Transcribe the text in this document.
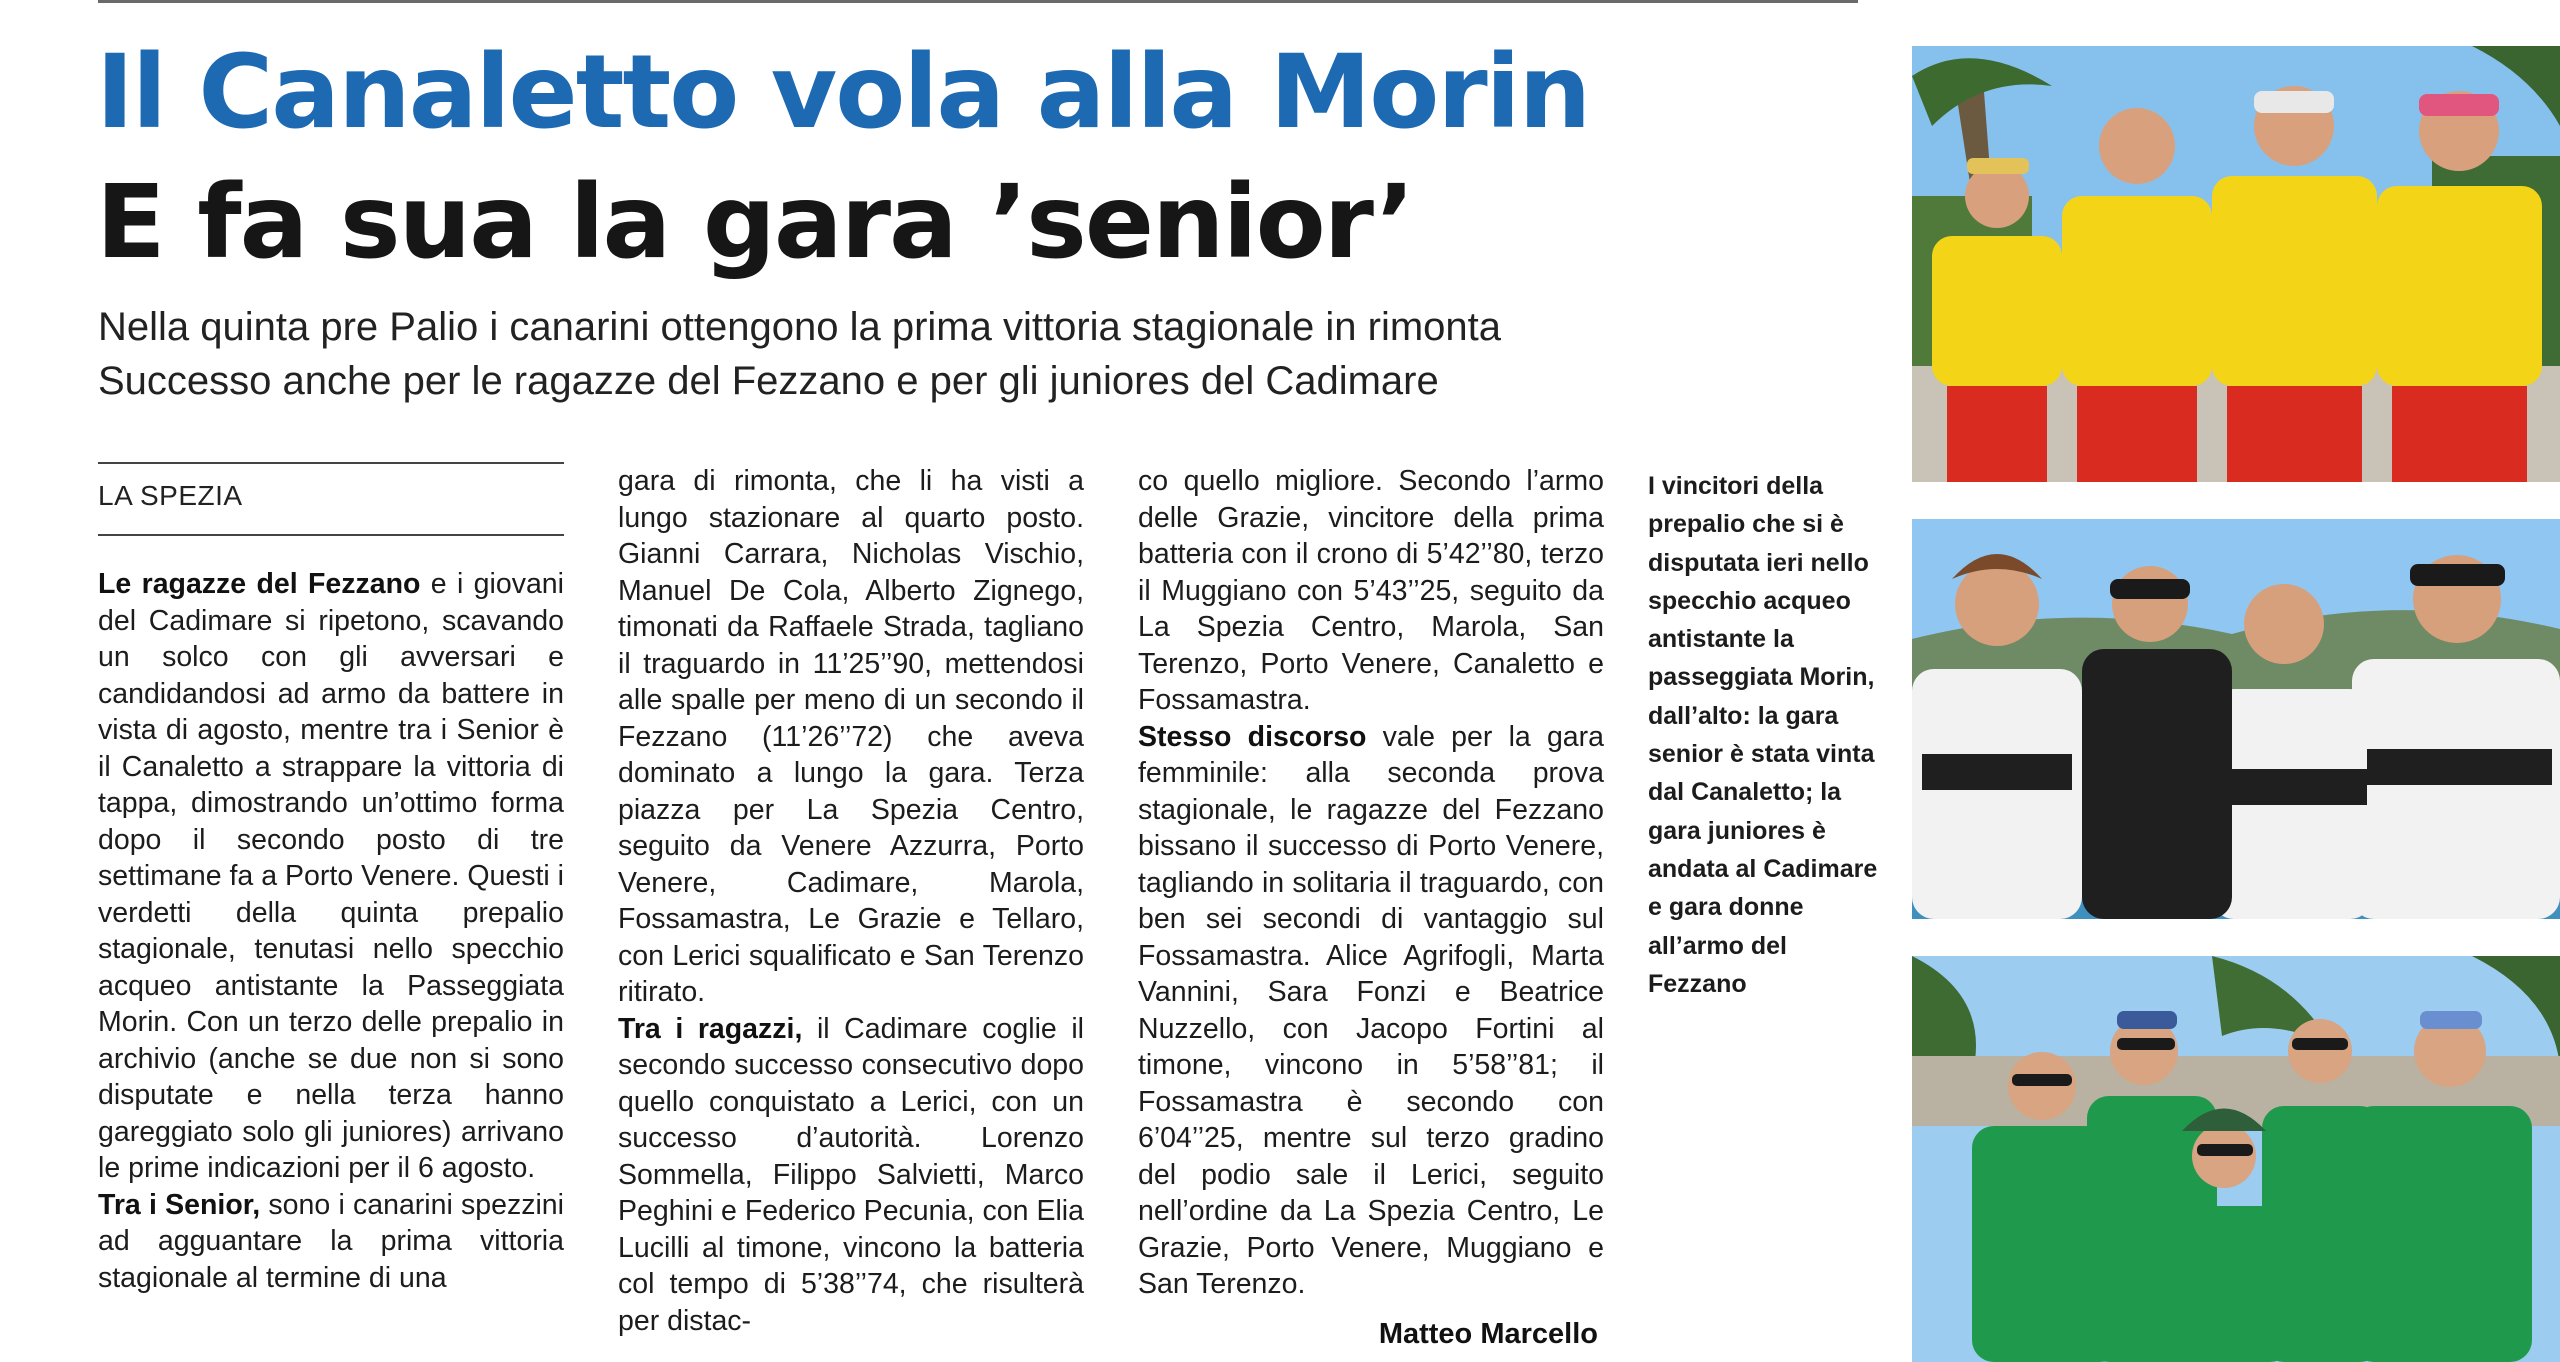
Il Canaletto vola alla Morin
E fa sua la gara ’senior’
Nella quinta pre Palio i canarini ottengono la prima vittoria stagionale in rimonta
Successo anche per le ragazze del Fezzano e per gli juniores del Cadimare
LA SPEZIA

Le ragazze del Fezzano e i giovani del Cadimare si ripetono, scavando un solco con gli avversari e candidandosi ad armo da battere in vista di agosto, mentre tra i Senior è il Canaletto a strappare la vittoria di tappa, dimostrando un’ottimo forma dopo il secondo posto di tre settimane fa a Porto Venere. Questi i verdetti della quinta prepalio stagionale, tenutasi nello specchio acqueo antistante la Passeggiata Morin. Con un terzo delle prepalio in archivio (anche se due non si sono disputate e nella terza hanno gareggiato solo gli juniores) arrivano le prime indicazioni per il 6 agosto.

Tra i Senior, sono i canarini spezzini ad agguantare la prima vittoria stagionale al termine di una

gara di rimonta, che li ha visti a lungo stazionare al quarto posto. Gianni Carrara, Nicholas Vischio, Manuel De Cola, Alberto Zignego, timonati da Raffaele Strada, tagliano il traguardo in 11’25’’90, mettendosi alle spalle per meno di un secondo il Fezzano (11’26’’72) che aveva dominato a lungo la gara. Terza piazza per La Spezia Centro, seguito da Venere Azzurra, Porto Venere, Cadimare, Marola, Fossamastra, Le Grazie e Tellaro, con Lerici squalificato e San Terenzo ritirato.

Tra i ragazzi, il Cadimare coglie il secondo successo consecutivo dopo quello conquistato a Lerici, con un successo d’autorità. Lorenzo Sommella, Filippo Salvietti, Marco Peghini e Federico Pecunia, con Elia Lucilli al timone, vincono la batteria col tempo di 5’38’’74, che risulterà per distac-

co quello migliore. Secondo l’armo delle Grazie, vincitore della prima batteria con il crono di 5’42’’80, terzo il Muggiano con 5’43’’25, seguito da La Spezia Centro, Marola, San Terenzo, Porto Venere, Canaletto e Fossamastra.

Stesso discorso vale per la gara femminile: alla seconda prova stagionale, le ragazze del Fezzano bissano il successo di Porto Venere, tagliando in solitaria il traguardo, con ben sei secondi di vantaggio sul Fossamastra. Alice Agrifogli, Marta Vannini, Sara Fonzi e Beatrice Nuzzello, con Jacopo Fortini al timone, vincono in 5’58’’81; il Fossamastra è secondo con 6’04’’25, mentre sul terzo gradino del podio sale il Lerici, seguito nell’ordine da La Spezia Centro, Le Grazie, Porto Venere, Muggiano e San Terenzo.

Matteo Marcello
I vincitori della prepalio che si è disputata ieri nello specchio acqueo antistante la passeggiata Morin, dall’alto: la gara senior è stata vinta dal Canaletto; la gara juniores è andata al Cadimare e gara donne all’armo del Fezzano
